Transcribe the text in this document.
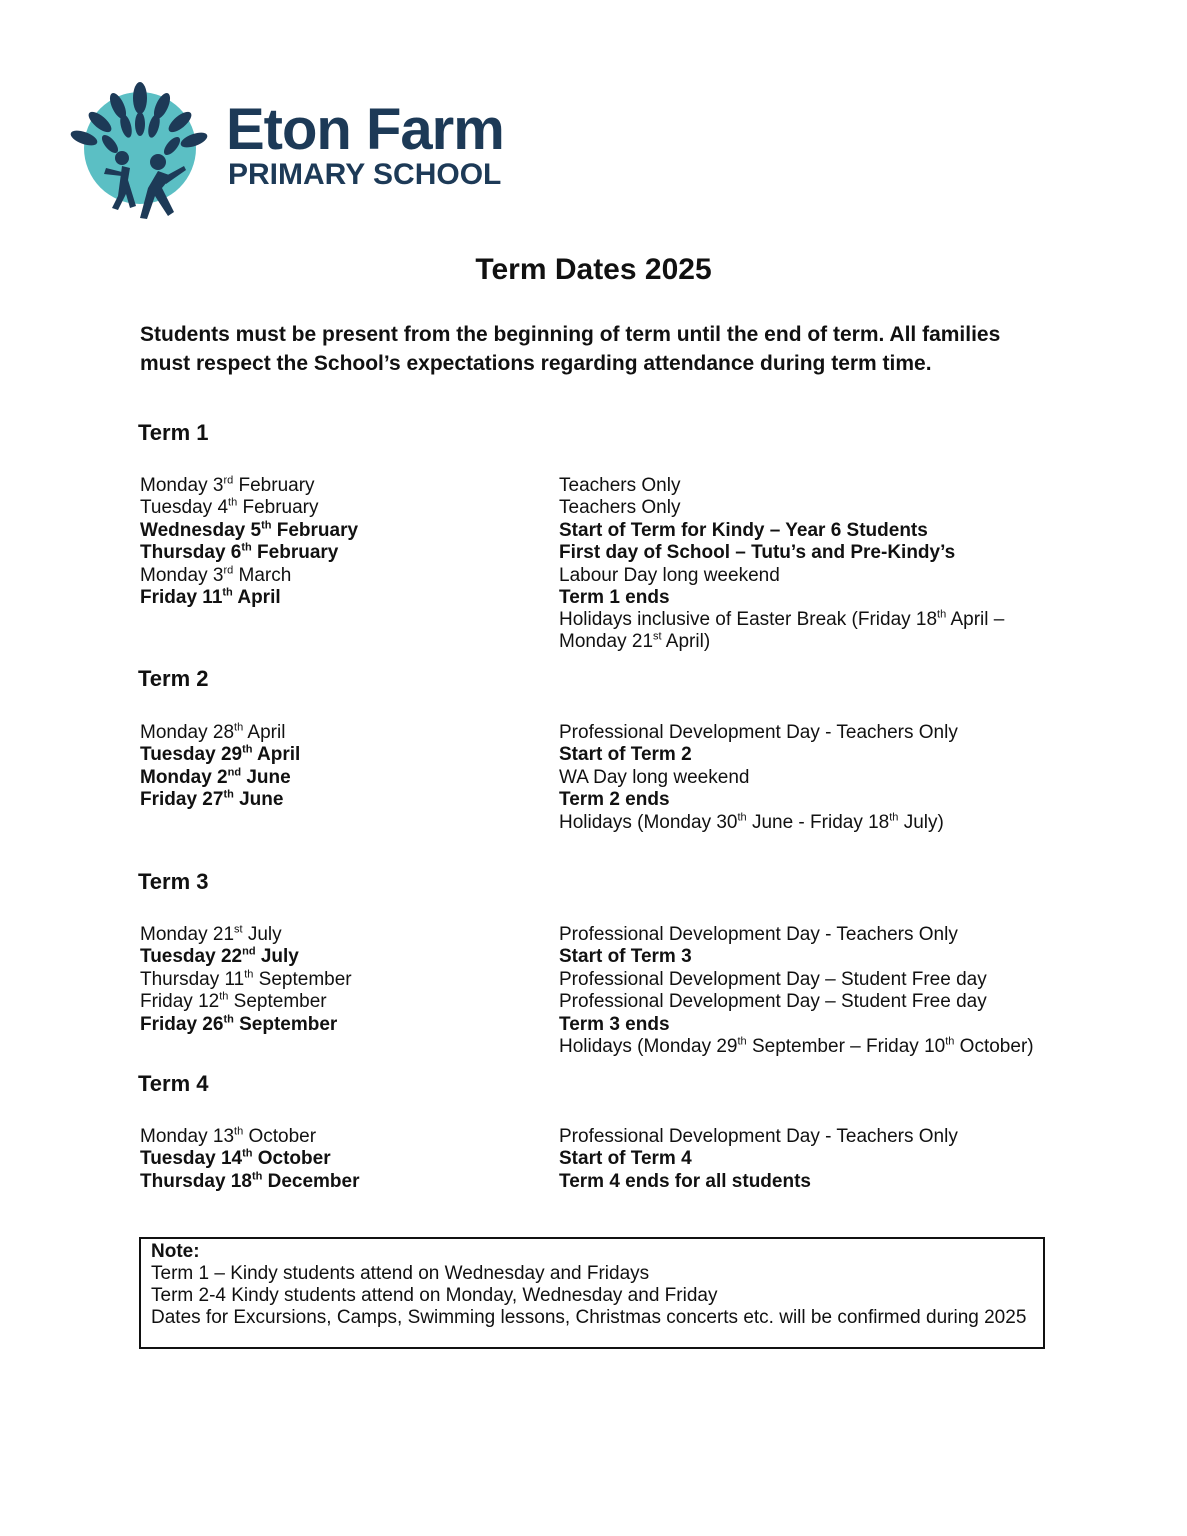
Eton Farm
PRIMARY SCHOOL
Term Dates 2025
Students must be present from the beginning of term until the end of term. All families must respect the School’s expectations regarding attendance during term time.
Term 1
Monday 3rd February	Teachers Only
Tuesday 4th February	Teachers Only
Wednesday 5th February	Start of Term for Kindy – Year 6 Students
Thursday 6th February	First day of School – Tutu’s and Pre-Kindy’s
Monday 3rd March	Labour Day long weekend
Friday 11th April	Term 1 ends
Holidays inclusive of Easter Break (Friday 18th April – Monday 21st April)
Term 2
Monday 28th April	Professional Development Day - Teachers Only
Tuesday 29th April	Start of Term 2
Monday 2nd June	WA Day long weekend
Friday 27th June	Term 2 ends
Holidays (Monday 30th June - Friday 18th July)
Term 3
Monday 21st July	Professional Development Day - Teachers Only
Tuesday 22nd July	Start of Term 3
Thursday 11th September	Professional Development Day – Student Free day
Friday 12th September	Professional Development Day – Student Free day
Friday 26th September	Term 3 ends
Holidays (Monday 29th September – Friday 10th October)
Term 4
Monday 13th October	Professional Development Day - Teachers Only
Tuesday 14th October	Start of Term 4
Thursday 18th December	Term 4 ends for all students
Note:
Term 1 – Kindy students attend on Wednesday and Fridays
Term 2-4 Kindy students attend on Monday, Wednesday and Friday
Dates for Excursions, Camps, Swimming lessons, Christmas concerts etc. will be confirmed during 2025
